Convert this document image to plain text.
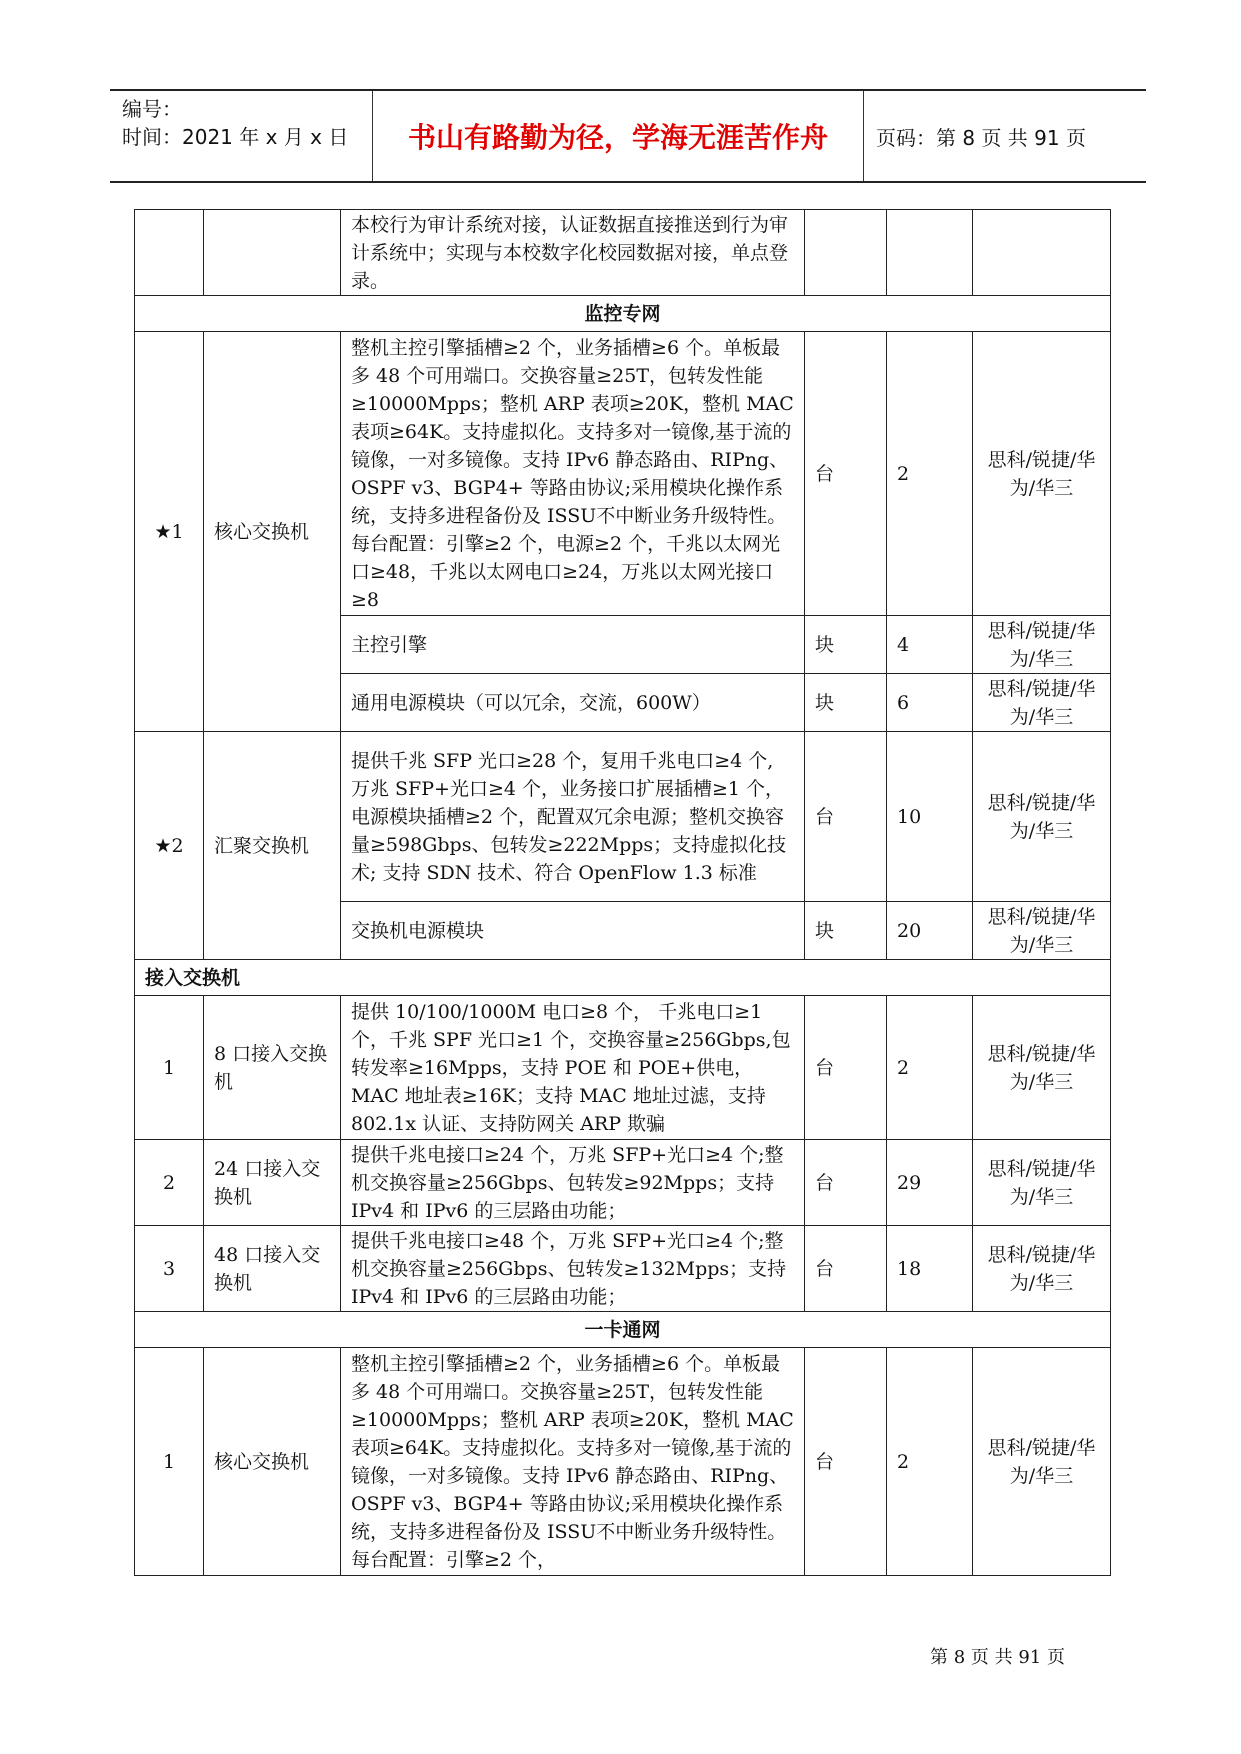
编号：
时间：2021 年 x 月 x 日	书山有路勤为径，学海无涯苦作舟	页码：第 8 页 共 91 页
		本校行为审计系统对接，认证数据直接推送到行为审计系统中；实现与本校数字化校园数据对接，单点登录。			
监控专网					
★1	核心交换机	整机主控引擎插槽≥2 个，业务插槽≥6 个。单板最多 48 个可用端口。交换容量≥25T，包转发性能≥10000Mpps；整机 ARP 表项≥20K，整机 MAC 表项≥64K。支持虚拟化。支持多对一镜像,基于流的镜像，一对多镜像。支持 IPv6 静态路由、RIPng、OSPF v3、BGP4+ 等路由协议;采用模块化操作系统，支持多进程备份及 ISSU不中断业务升级特性。每台配置：引擎≥2 个，电源≥2 个，千兆以太网光口≥48，千兆以太网电口≥24，万兆以太网光接口≥8	台	2	思科/锐捷/华为/华三
		主控引擎	块	4	思科/锐捷/华为/华三
		通用电源模块（可以冗余，交流，600W）	块	6	思科/锐捷/华为/华三
★2	汇聚交换机	提供千兆 SFP 光口≥28 个，复用千兆电口≥4 个, 万兆 SFP+光口≥4 个，业务接口扩展插槽≥1 个，电源模块插槽≥2 个，配置双冗余电源；整机交换容量≥598Gbps、包转发≥222Mpps；支持虚拟化技术; 支持 SDN 技术、符合 OpenFlow 1.3 标准	台	10	思科/锐捷/华为/华三
		交换机电源模块	块	20	思科/锐捷/华为/华三
接入交换机					
1	8 口接入交换机	提供 10/100/1000M 电口≥8 个， 千兆电口≥1 个，千兆 SPF 光口≥1 个，交换容量≥256Gbps,包转发率≥16Mpps，支持 POE 和 POE+供电，MAC 地址表≥16K；支持 MAC 地址过滤，支持 802.1x 认证、支持防网关 ARP 欺骗	台	2	思科/锐捷/华为/华三
2	24 口接入交换机	提供千兆电接口≥24 个，万兆 SFP+光口≥4 个;整机交换容量≥256Gbps、包转发≥92Mpps；支持 IPv4 和 IPv6 的三层路由功能；	台	29	思科/锐捷/华为/华三
3	48 口接入交换机	提供千兆电接口≥48 个，万兆 SFP+光口≥4 个;整机交换容量≥256Gbps、包转发≥132Mpps；支持 IPv4 和 IPv6 的三层路由功能；	台	18	思科/锐捷/华为/华三
一卡通网					
1	核心交换机	整机主控引擎插槽≥2 个，业务插槽≥6 个。单板最多 48 个可用端口。交换容量≥25T，包转发性能≥10000Mpps；整机 ARP 表项≥20K，整机 MAC 表项≥64K。支持虚拟化。支持多对一镜像,基于流的镜像，一对多镜像。支持 IPv6 静态路由、RIPng、OSPF v3、BGP4+ 等路由协议;采用模块化操作系统，支持多进程备份及 ISSU不中断业务升级特性。每台配置：引擎≥2 个，	台	2	思科/锐捷/华为/华三
第 8 页 共 91 页
